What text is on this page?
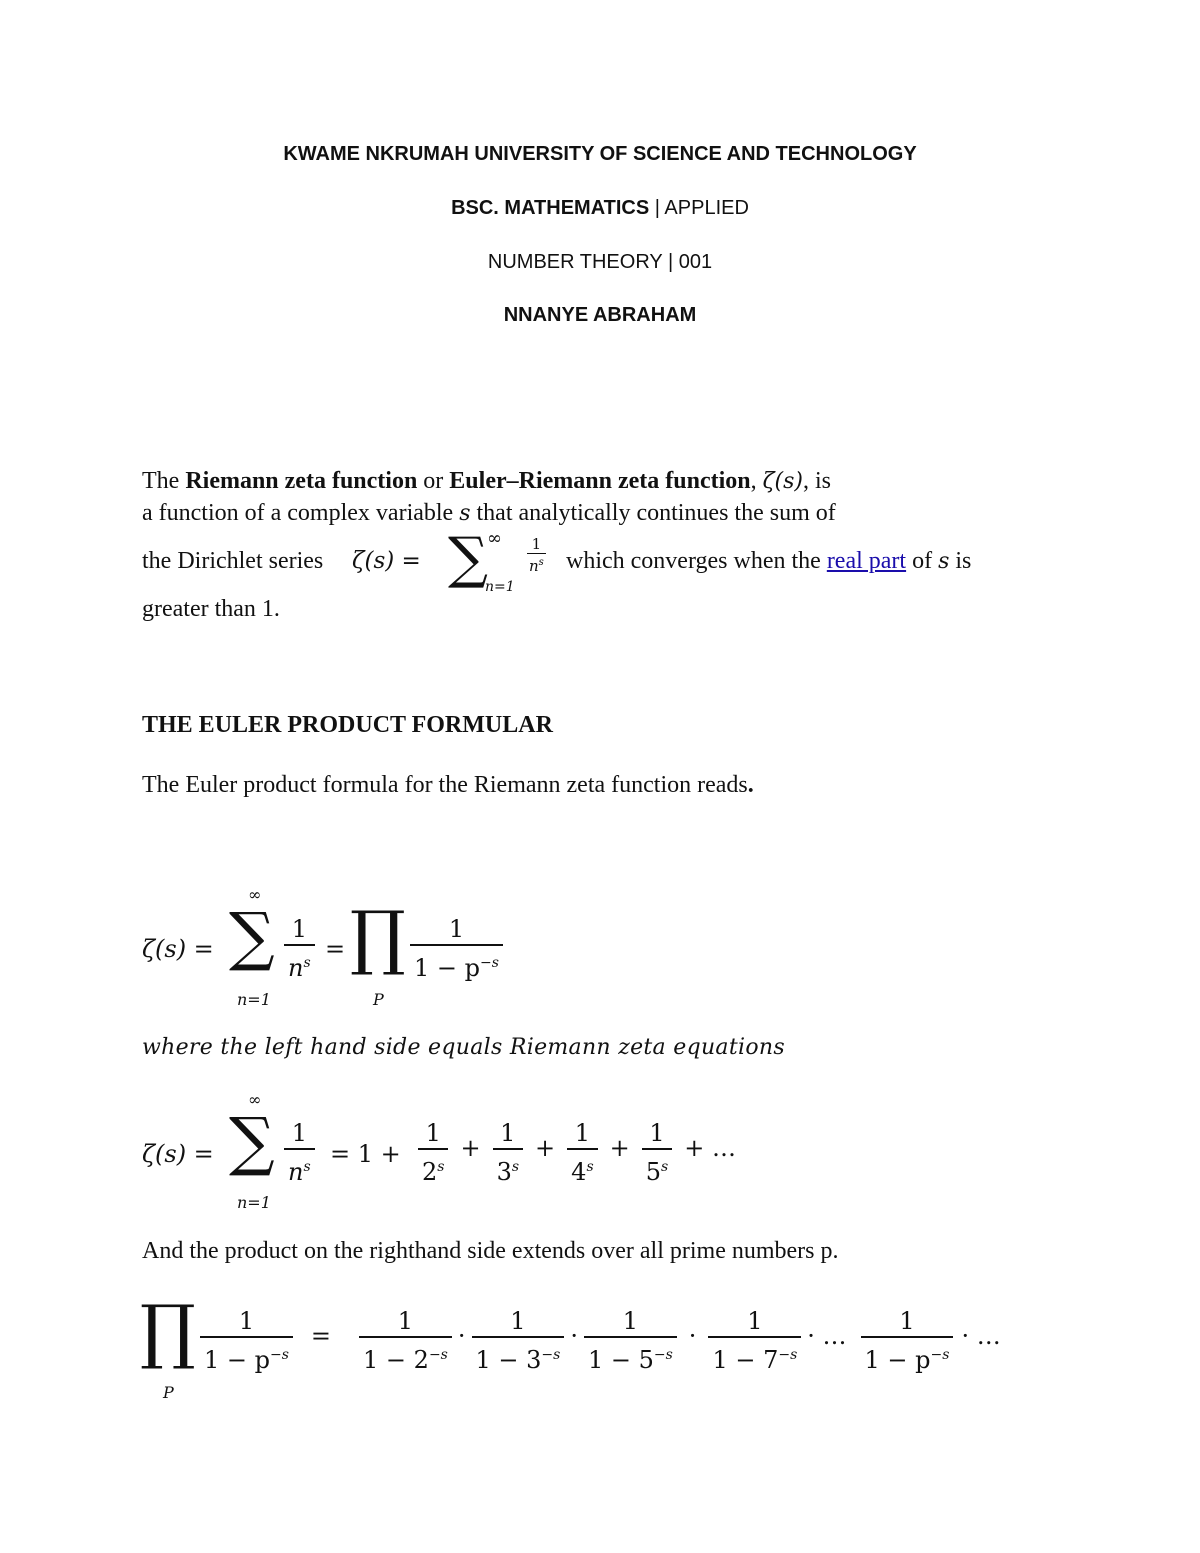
KWAME NKRUMAH UNIVERSITY OF SCIENCE AND TECHNOLOGY
BSC. MATHEMATICS | APPLIED
NUMBER THEORY | 001
NNANYE ABRAHAM
The Riemann zeta function or Euler–Riemann zeta function, ζ(s), is
a function of a complex variable s that analytically continues the sum of
the Dirichlet series ζ(s) = ∑ ∞
n=1
$\frac{1}{n^s}$ which converges when the real part of s is
greater than 1.
THE EULER PRODUCT FORMULAR
The Euler product formula for the Riemann zeta function reads.
ζ(s) =
∞
∑
n=1
$\frac{1}{n^s}$ = ∏
P
$\frac{1}{1 - p^{-s}}$
where the left hand side equals Riemann zeta equations
ζ(s) =
∞
∑
n=1
$\frac{1}{n^s} = 1 + \frac{1}{2^s} + \frac{1}{3^s} + \frac{1}{4^s} + \frac{1}{5^s}$ + …
And the product on the righthand side extends over all prime numbers p.
∏
P
$\frac{1}{1 - p^{-s}} = \frac{1}{1 - 2^{-s}} \cdot \frac{1}{1 - 3^{-s}} \cdot \frac{1}{1 - 5^{-s}} \cdot \frac{1}{1 - 7^{-s}}$ · … $\frac{1}{1 - p^{-s}}$ · …
